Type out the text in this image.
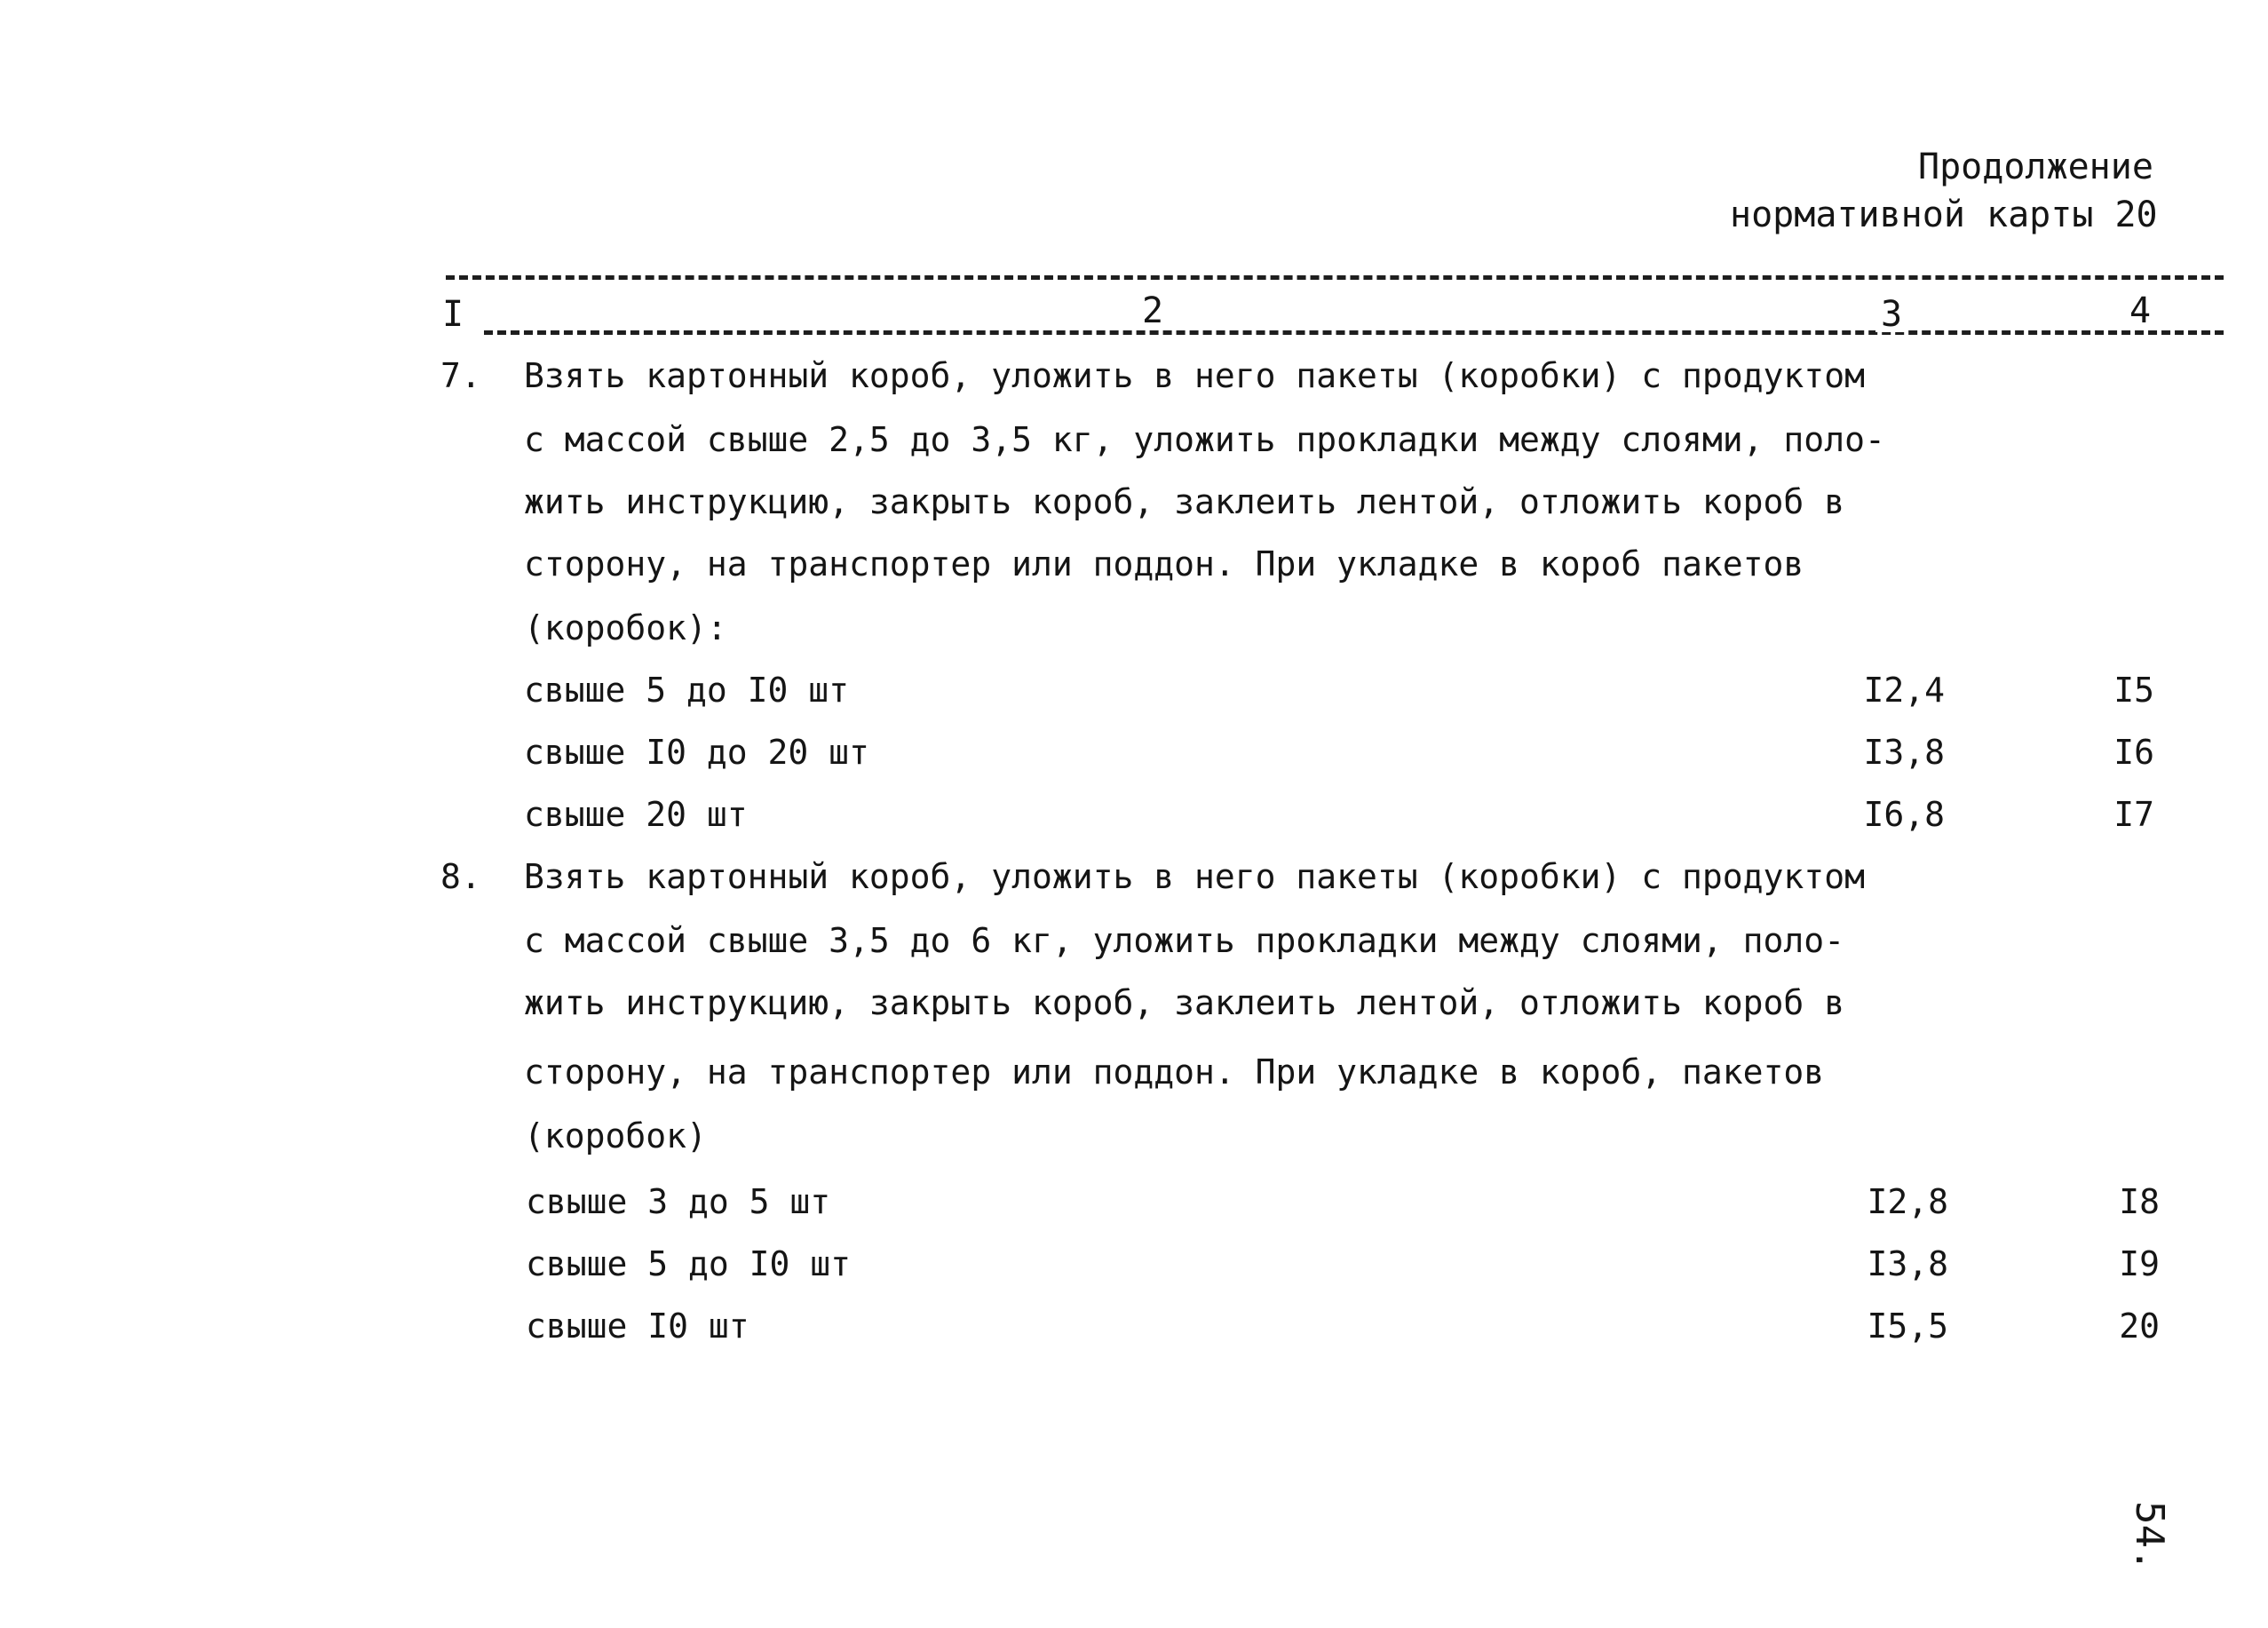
Продолжение
нормативной карты 20
I	2	3	4
7. Взять картонный короб, уложить в него пакеты (коробки) с продуктом
с массой свыше 2,5 до 3,5 кг, уложить прокладки между слоями, поло-
жить инструкцию, закрыть короб, заклеить лентой, отложить короб в
сторону, на транспортер или поддон. При укладке в короб пакетов
(коробок):
свыше 5 до I0 шт	I2,4	I5
свыше I0 до 20 шт	I3,8	I6
свыше 20 шт	I6,8	I7
8. Взять картонный короб, уложить в него пакеты (коробки) с продуктом
с массой свыше 3,5 до 6 кг, уложить прокладки между слоями, поло-
жить инструкцию, закрыть короб, заклеить лентой, отложить короб в
сторону, на транспортер или поддон. При укладке в короб, пакетов
(коробок)
свыше 3 до 5 шт	I2,8	I8
свыше 5 до I0 шт	I3,8	I9
свыше I0 шт	I5,5	20
54.
